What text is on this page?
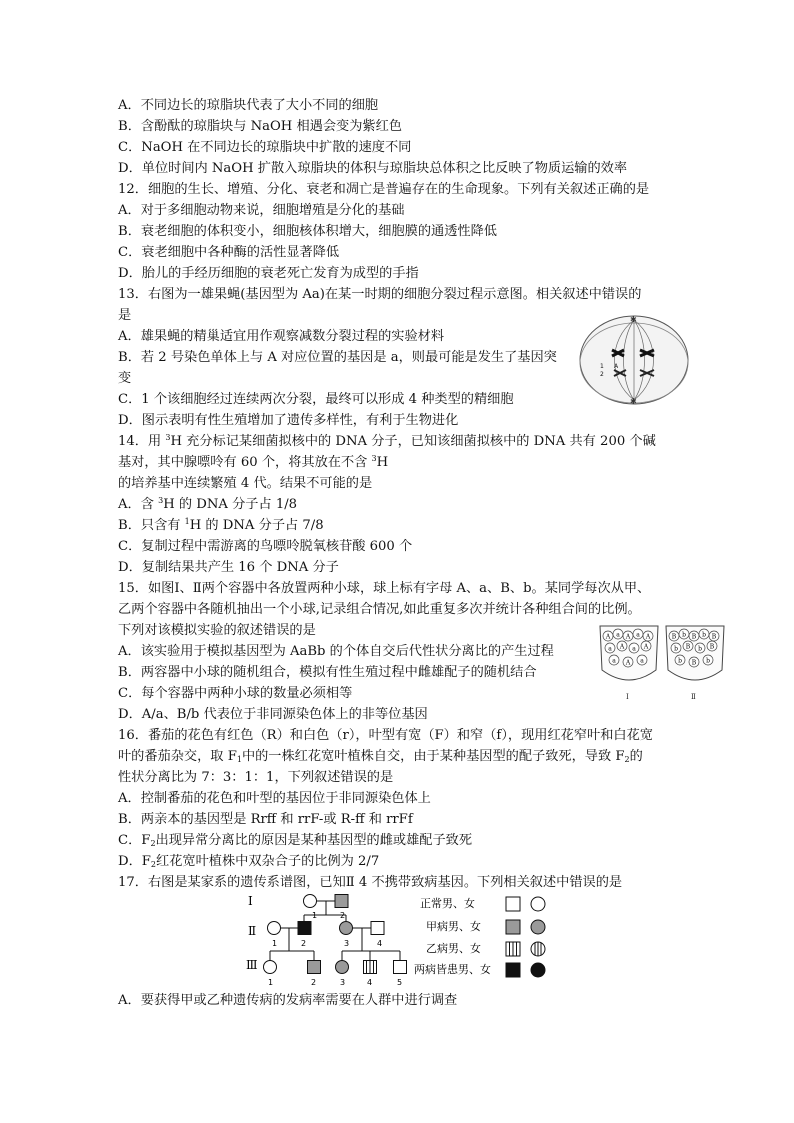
A．不同边长的琼脂块代表了大小不同的细胞
B．含酚酞的琼脂块与 NaOH 相遇会变为紫红色
C．NaOH 在不同边长的琼脂块中扩散的速度不同
D．单位时间内 NaOH 扩散入琼脂块的体积与琼脂块总体积之比反映了物质运输的效率
12．细胞的生长、增殖、分化、衰老和凋亡是普遍存在的生命现象。下列有关叙述正确的是
A．对于多细胞动物来说，细胞增殖是分化的基础
B．衰老细胞的体积变小，细胞核体积增大，细胞膜的通透性降低
C．衰老细胞中各种酶的活性显著降低
D．胎儿的手经历细胞的衰老死亡发育为成型的手指
13．右图为一雄果蝇(基因型为 Aa)在某一时期的细胞分裂过程示意图。相关叙述中错误的
是
A．雄果蝇的精巢适宜用作观察减数分裂过程的实验材料
B．若 2 号染色单体上与 A 对应位置的基因是 a，则最可能是发生了基因突
变
C．1 个该细胞经过连续两次分裂，最终可以形成 4 种类型的精细胞
D．图示表明有性生殖增加了遗传多样性，有利于生物进化
✱
✱
1
2
A
14．用 $^3$H 充分标记某细菌拟核中的 DNA 分子，已知该细菌拟核中的 DNA 共有 200 个碱
基对，其中腺嘌呤有 60 个，将其放在不含 $^3$H
的培养基中连续繁殖 4 代。结果不可能的是
A．含 $^3$H 的 DNA 分子占 1/8
B．只含有 $^1$H 的 DNA 分子占 7/8
C．复制过程中需游离的鸟嘌呤脱氧核苷酸 600 个
D．复制结果共产生 16 个 DNA 分子
15．如图Ⅰ、Ⅱ两个容器中各放置两种小球，球上标有字母 A、a、B、b。某同学每次从甲、
乙两个容器中各随机抽出一个小球,记录组合情况,如此重复多次并统计各种组合间的比例。
下列对该模拟实验的叙述错误的是
A．该实验用于模拟基因型为 AaBb 的个体自交后代性状分离比的产生过程
B．两容器中小球的随机组合，模拟有性生殖过程中雌雄配子的随机结合
C．每个容器中两种小球的数量必须相等
D．A/a、B/b 代表位于非同源染色体上的非等位基因
A a A a A
a A a A
a A a
B b B b B
b B b B
b B b
Ⅰ	Ⅱ
16．番茄的花色有红色（R）和白色（r），叶型有宽（F）和窄（f），现用红花窄叶和白花宽
叶的番茄杂交，取 $F_1$中的一株红花宽叶植株自交，由于某种基因型的配子致死，导致 $F_2$的
性状分离比为 7：3：1：1，下列叙述错误的是
A．控制番茄的花色和叶型的基因位于非同源染色体上
B．两亲本的基因型是 Rrff 和 rrF-或 R-ff 和 rrFf
C．$F_2$出现异常分离比的原因是某种基因型的雌或雄配子致死
D．$F_2$红花宽叶植株中双杂合子的比例为 2/7
17．右图是某家系的遗传系谱图，已知Ⅱ 4 不携带致病基因。下列相关叙述中错误的是
Ⅰ
Ⅱ
Ⅲ
1	2
1	2	3	4
1	2	3	4	5
正常男、女
甲病男、女
乙病男、女
两病皆患男、女
A．要获得甲或乙种遗传病的发病率需要在人群中进行调查
